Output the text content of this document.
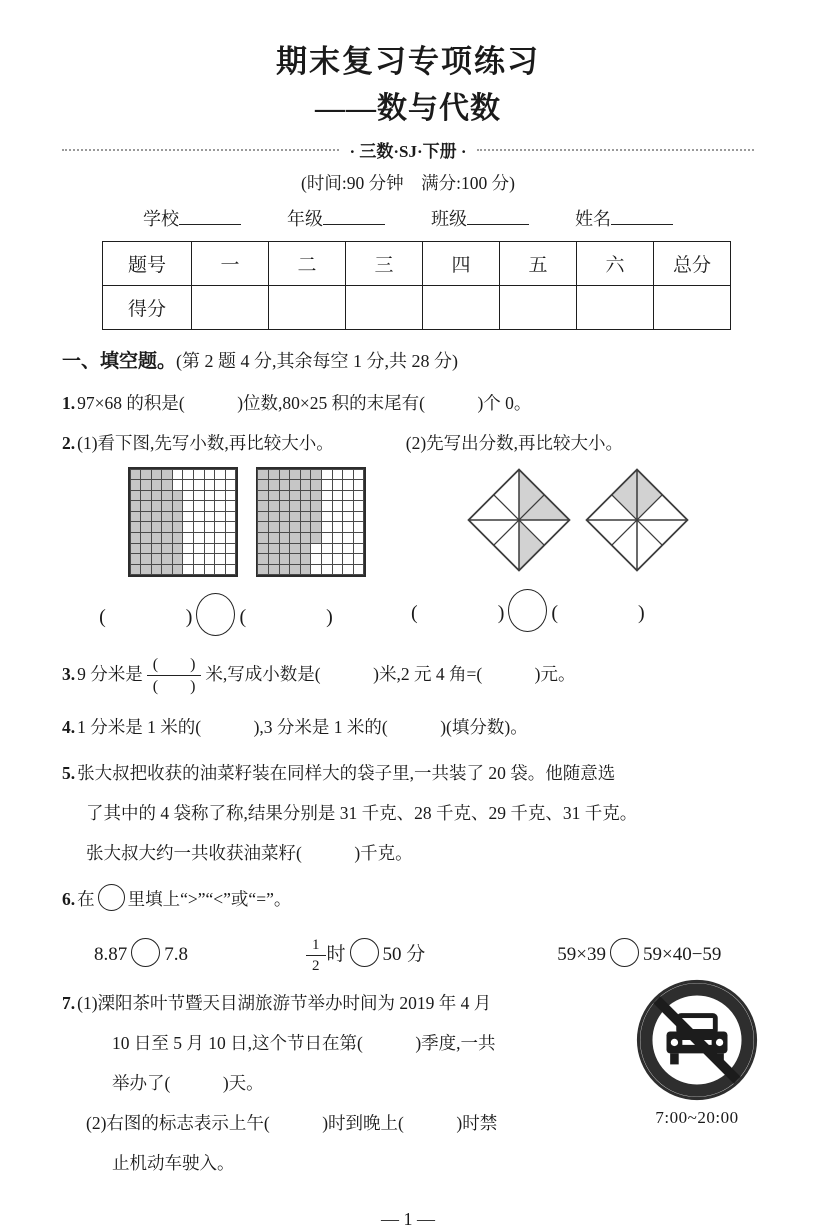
期末复习专项练习
——数与代数
· 三数·SJ·下册 ·
(时间:90 分钟　满分:100 分)
学校	年级	班级	姓名
题号	一	二	三	四	五	六	总分
得分							
一、填空题。(第 2 题 4 分,其余每空 1 分,共 28 分)
1. 97×68 的积是(　　　)位数,80×25 积的末尾有(　　　)个 0。
2. (1)看下图,先写小数,再比较大小。	(2)先写出分数,再比较大小。
(　　　　) (　　　　)	(　　　　) (　　　　)
3. 9 分米是 $\frac{( )}{( )}$ 米,写成小数是(　　　)米,2 元 4 角=(　　　)元。
4. 1 分米是 1 米的(　　　),3 分米是 1 米的(　　　)(填分数)。
5. 张大叔把收获的油菜籽装在同样大的袋子里,一共装了 20 袋。他随意选
了其中的 4 袋称了称,结果分别是 31 千克、28 千克、29 千克、31 千克。
张大叔大约一共收获油菜籽(　　　)千克。
6. 在 里填上“>”“<”或“=”。
8.87 7.8	$\frac{1}{2}$ 时 50 分	59×39 59×40−59
7. (1)溧阳茶叶节暨天目湖旅游节举办时间为 2019 年 4 月
10 日至 5 月 10 日,这个节日在第(　　　)季度,一共
举办了(　　　)天。
(2)右图的标志表示上午(　　　)时到晚上(　　　)时禁
止机动车驶入。
7:00~20:00
— 1 —
